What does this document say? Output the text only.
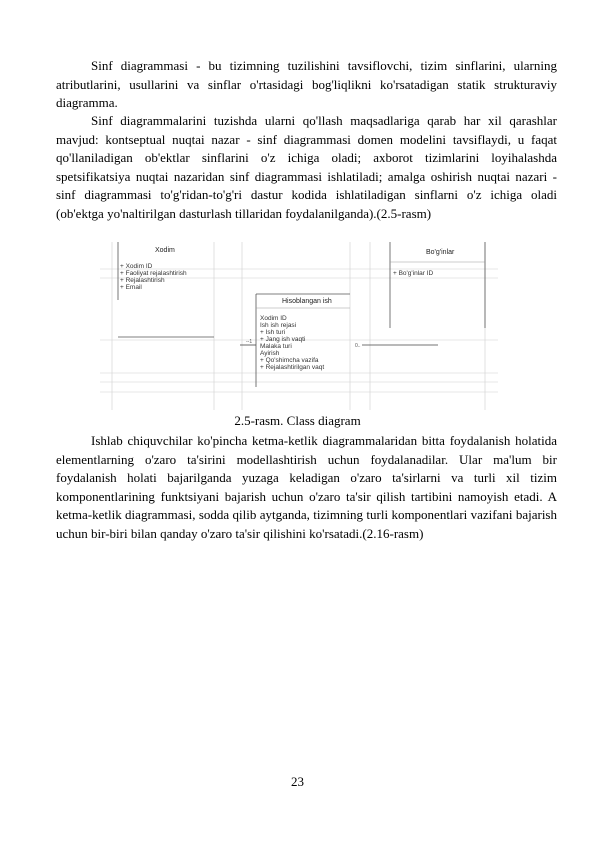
Sinf diagrammasi - bu tizimning tuzilishini tavsiflovchi, tizim sinflarini, ularning atributlarini, usullarini va sinflar o'rtasidagi bog'liqlikni ko'rsatadigan statik strukturaviy diagramma.

Sinf diagrammalarini tuzishda ularni qo'llash maqsadlariga qarab har xil qarashlar mavjud: kontseptual nuqtai nazar - sinf diagrammasi domen modelini tavsiflaydi, u faqat qo'llaniladigan ob'ektlar sinflarini o'z ichiga oladi; axborot tizimlarini loyihalashda spetsifikatsiya nuqtai nazaridan sinf diagrammasi ishlatiladi; amalga oshirish nuqtai nazari - sinf diagrammasi to'g'ridan-to'g'ri dastur kodida ishlatiladigan sinflarni o'z ichiga oladi (ob'ektga yo'naltirilgan dasturlash tillaridan foydalanilganda).(2.5-rasm)

Xodim
+ Xodim ID
+ Faoliyat rejalashtirish
+ Rejalashtirish
+ Email
Hisoblangan ish
Xodim ID
Ish ish rejasi
+ Ish turi
+ Jang ish vaqti
Malaka turi
Ayirish
+ Qo'shimcha vazifa
+ Rejalashtirilgan vaqt
Bo'g'inlar
+ Bo'g'inlar ID
--1
0..
2.5-rasm. Class diagram

Ishlab chiquvchilar ko'pincha ketma-ketlik diagrammalaridan bitta foydalanish holatida elementlarning o'zaro ta'sirini modellashtirish uchun foydalanadilar. Ular ma'lum bir foydalanish holati bajarilganda yuzaga keladigan o'zaro ta'sirlarni va turli xil tizim komponentlarining funktsiyani bajarish uchun o'zaro ta'sir qilish tartibini namoyish etadi. A ketma-ketlik diagrammasi, sodda qilib aytganda, tizimning turli komponentlari vazifani bajarish uchun bir-biri bilan qanday o'zaro ta'sir qilishini ko'rsatadi.(2.16-rasm)

23
